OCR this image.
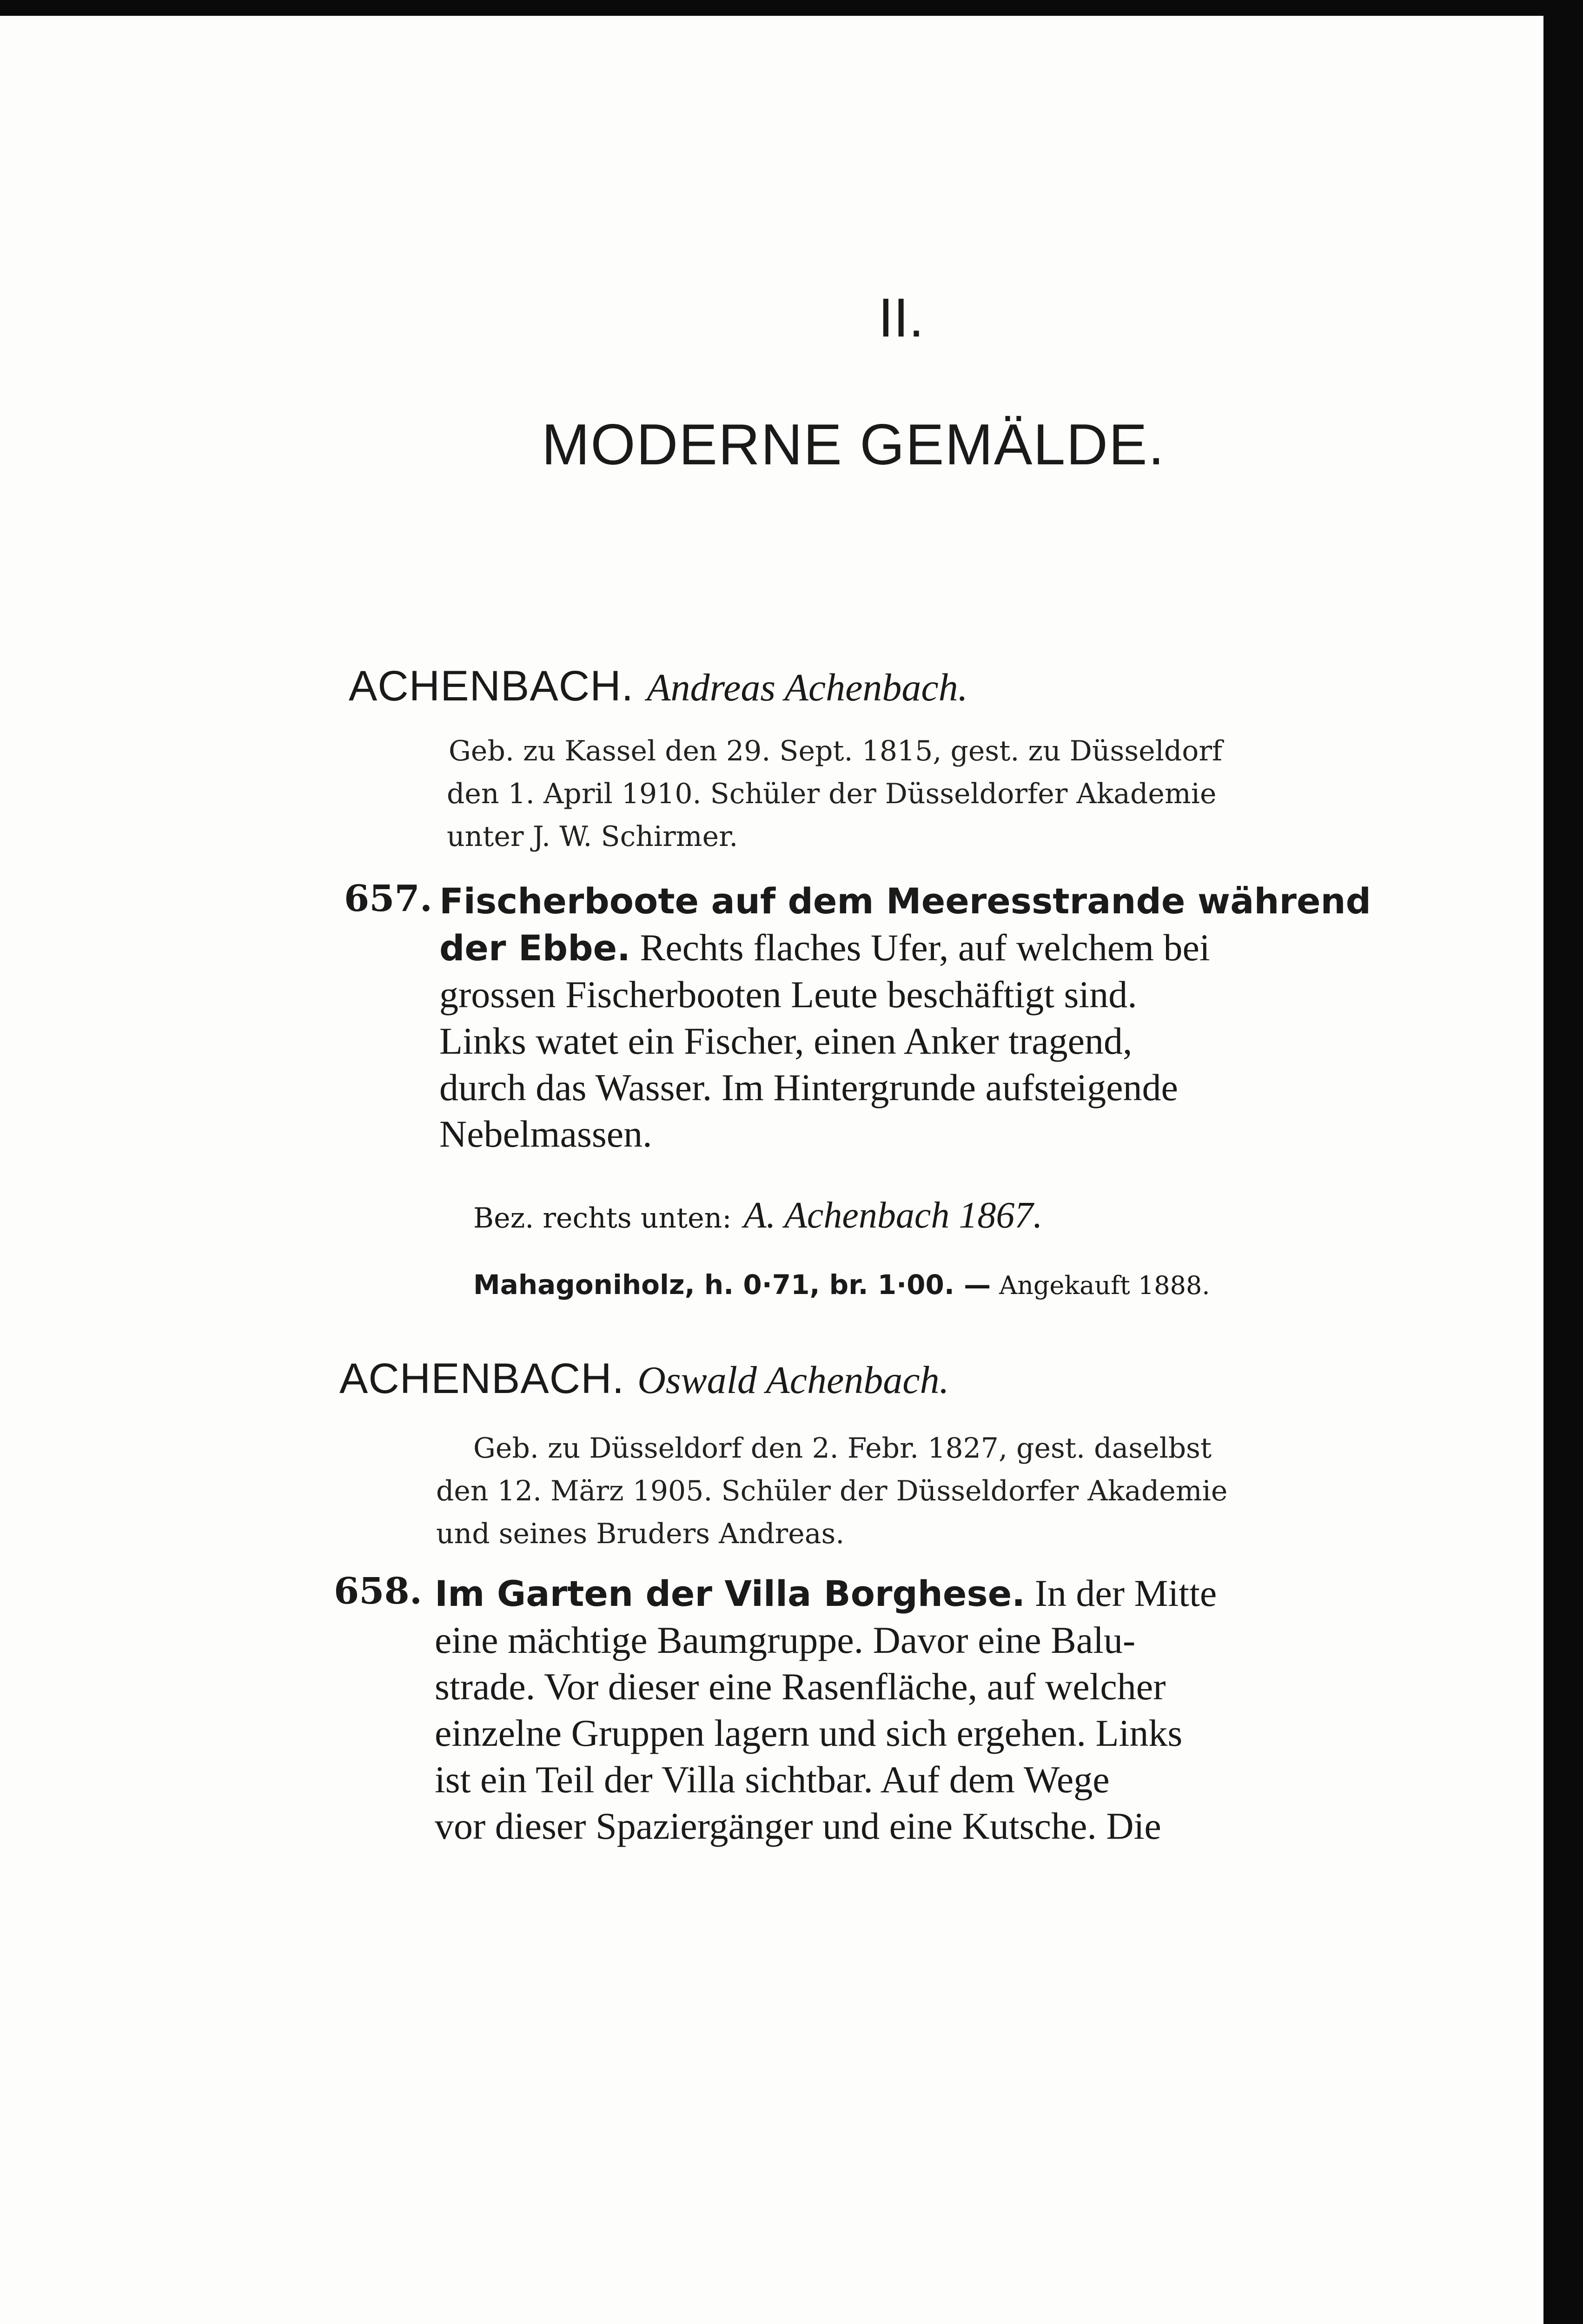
II.
MODERNE GEMÄLDE.
ACHENBACH. Andreas Achenbach.
Geb. zu Kassel den 29. Sept. 1815, gest. zu Düsseldorf
den 1. April 1910. Schüler der Düsseldorfer Akademie
unter J. W. Schirmer.
657. Fischerboote auf dem Meeresstrande während
der Ebbe. Rechts flaches Ufer, auf welchem bei
grossen Fischerbooten Leute beschäftigt sind.
Links watet ein Fischer, einen Anker tragend,
durch das Wasser. Im Hintergrunde aufsteigende
Nebelmassen.
Bez. rechts unten: A. Achenbach 1867.
Mahagoniholz, h. 0·71, br. 1·00. — Angekauft 1888.
ACHENBACH. Oswald Achenbach.
Geb. zu Düsseldorf den 2. Febr. 1827, gest. daselbst
den 12. März 1905. Schüler der Düsseldorfer Akademie
und seines Bruders Andreas.
658. Im Garten der Villa Borghese. In der Mitte
eine mächtige Baumgruppe. Davor eine Balu-
strade. Vor dieser eine Rasenfläche, auf welcher
einzelne Gruppen lagern und sich ergehen. Links
ist ein Teil der Villa sichtbar. Auf dem Wege
vor dieser Spaziergänger und eine Kutsche. Die
